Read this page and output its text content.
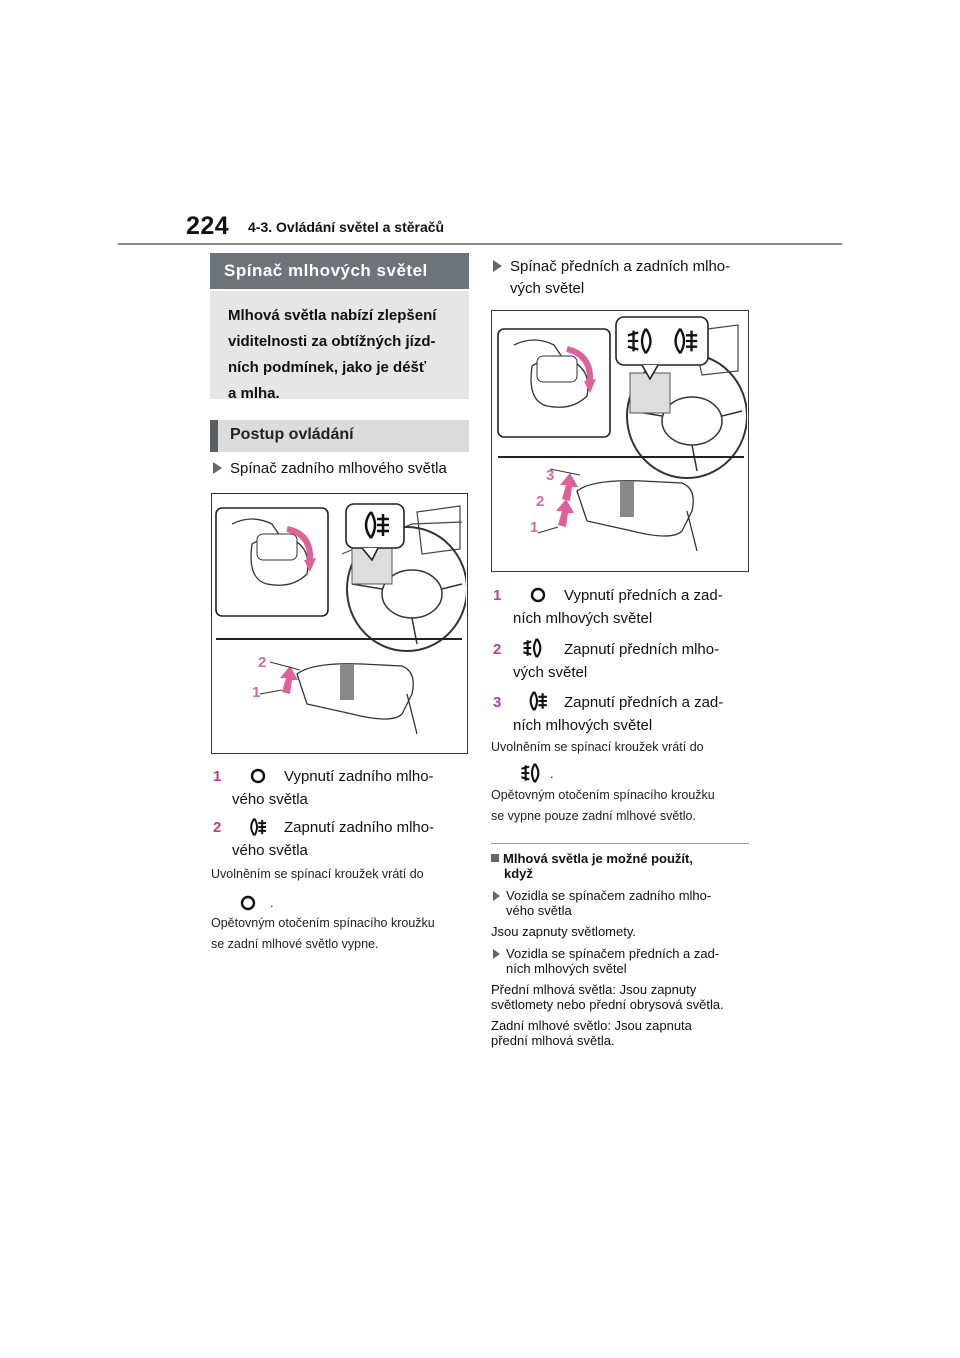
224 4-3. Ovládání světel a stěračů
Spínač mlhových světel
Mlhová světla nabízí zlepšení
viditelnosti za obtížných jízd-
ních podmínek, jako je déšť
a mlha.
Postup ovládání
Spínač zadního mlhového světla
2
1
1	Vypnutí zadního mlho-
vého světla
2	Zapnutí zadního mlho-
vého světla
Uvolněním se spínací kroužek vrátí do
.
Opětovným otočením spínacího kroužku
se zadní mlhové světlo vypne.
Spínač předních a zadních mlho-
vých světel
3
2
1
1	Vypnutí předních a zad-
ních mlhových světel
2	Zapnutí předních mlho-
vých světel
3	Zapnutí předních a zad-
ních mlhových světel
Uvolněním se spínací kroužek vrátí do
.
Opětovným otočením spínacího kroužku
se vypne pouze zadní mlhové světlo.
Mlhová světla je možné použít,
když
Vozidla se spínačem zadního mlho-
vého světla
Jsou zapnuty světlomety.
Vozidla se spínačem předních a zad-
ních mlhových světel
Přední mlhová světla: Jsou zapnuty
světlomety nebo přední obrysová světla.
Zadní mlhové světlo: Jsou zapnuta
přední mlhová světla.
